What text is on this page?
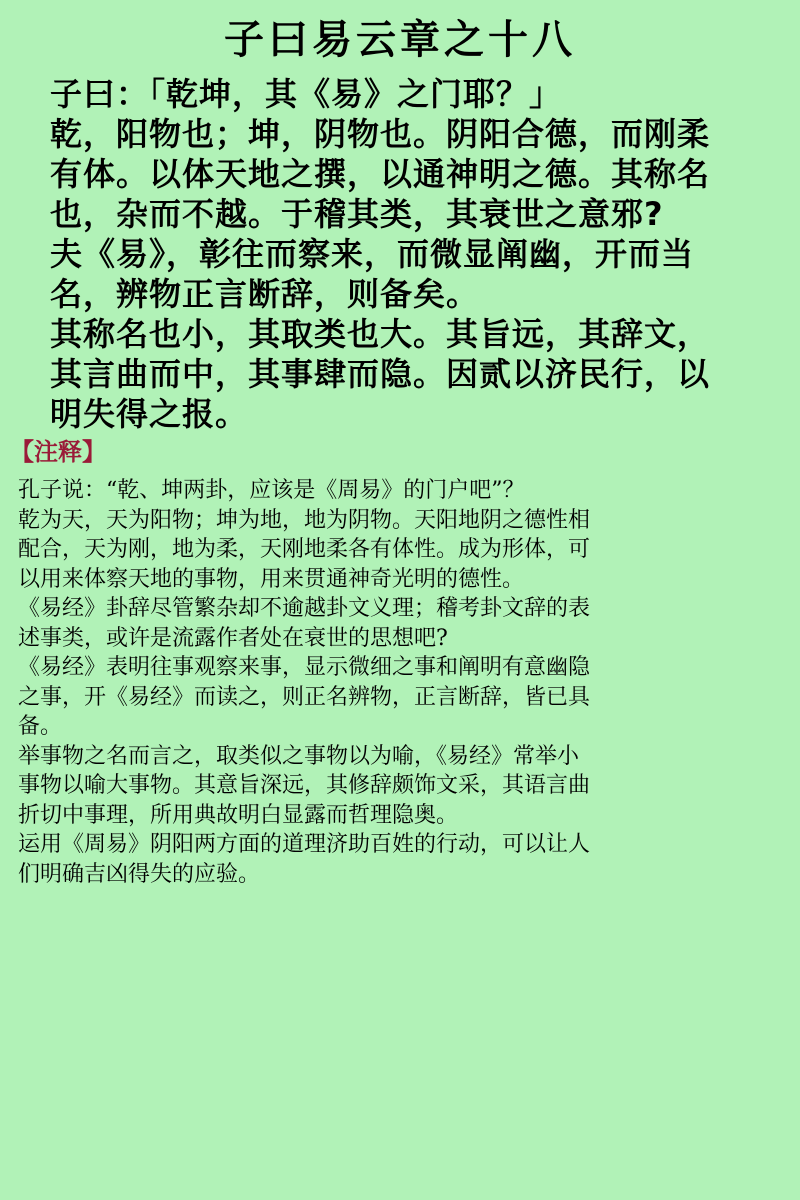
子曰易云章之十八

子曰：「乾坤，其《易》之门耶？」

乾，阳物也；坤，阴物也。阴阳合德，而刚柔
有体。以体天地之撰，以通神明之德。其称名
也，杂而不越。于稽其类，其衰世之意邪?

夫《易》，彰往而察来，而微显阐幽，开而当
名，辨物正言断辞，则备矣。

其称名也小，其取类也大。其旨远，其辞文，
其言曲而中，其事肆而隐。因贰以济民行，以
明失得之报。

【注释】

孔子说：“乾、坤两卦，应该是《周易》的门户吧”？

乾为天，天为阳物；坤为地，地为阴物。天阳地阴之德性相
配合，天为刚，地为柔，天刚地柔各有体性。成为形体，可
以用来体察天地的事物，用来贯通神奇光明的德性。

《易经》卦辞尽管繁杂却不逾越卦文义理；稽考卦文辞的表
述事类，或许是流露作者处在衰世的思想吧?

《易经》表明往事观察来事，显示微细之事和阐明有意幽隐
之事，开《易经》而读之，则正名辨物，正言断辞，皆已具
备。

举事物之名而言之，取类似之事物以为喻，《易经》常举小
事物以喻大事物。其意旨深远，其修辞颇饰文采，其语言曲
折切中事理，所用典故明白显露而哲理隐奥。

运用《周易》阴阳两方面的道理济助百姓的行动，可以让人
们明确吉凶得失的应验。
